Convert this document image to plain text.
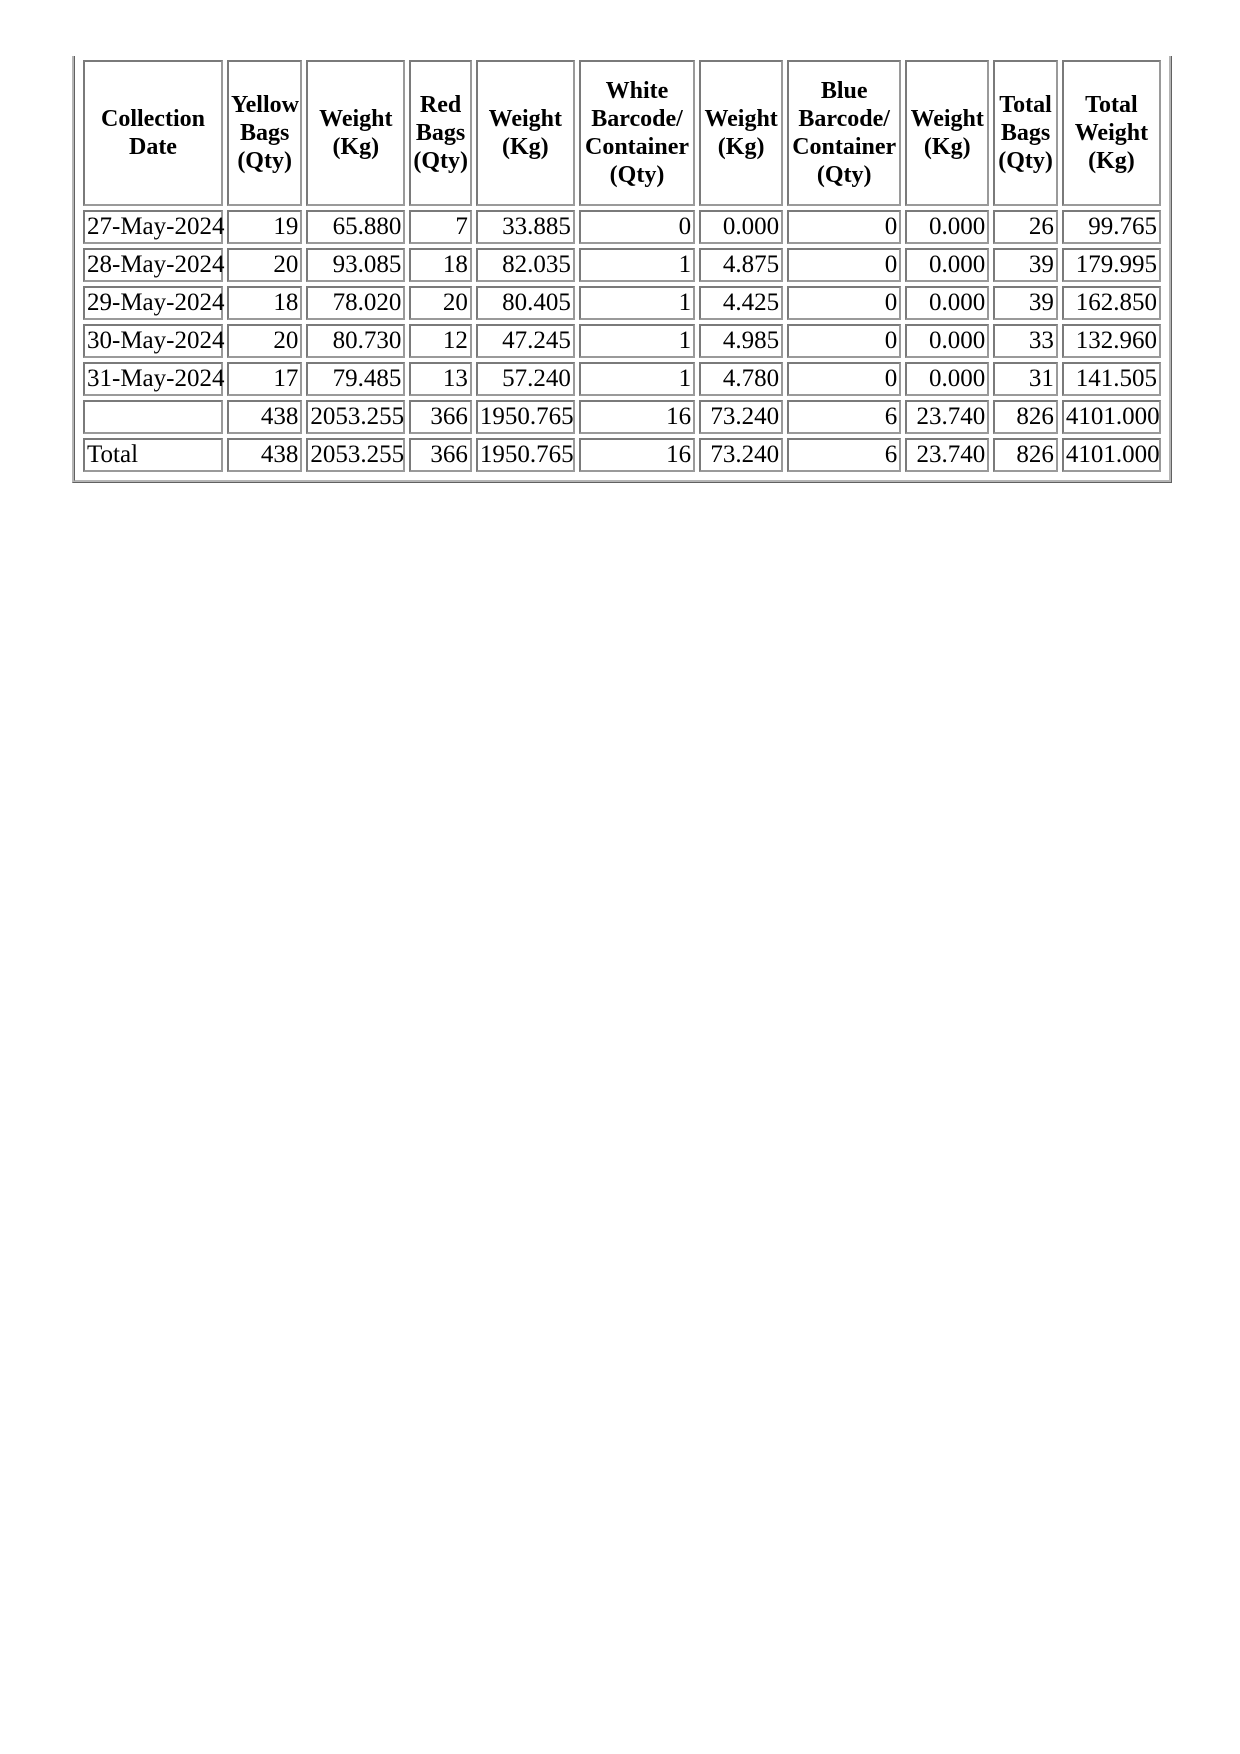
Collection
Date	Yellow
Bags
(Qty)	Weight
(Kg)	Red
Bags
(Qty)	Weight
(Kg)	White
Barcode/
Container
(Qty)	Weight
(Kg)	Blue
Barcode/
Container
(Qty)	Weight
(Kg)	Total
Bags
(Qty)	Total
Weight
(Kg)

27-May-2024	19	65.880	7	33.885	0	0.000	0	0.000	26	99.765
28-May-2024	20	93.085	18	82.035	1	4.875	0	0.000	39	179.995
29-May-2024	18	78.020	20	80.405	1	4.425	0	0.000	39	162.850
30-May-2024	20	80.730	12	47.245	1	4.985	0	0.000	33	132.960
31-May-2024	17	79.485	13	57.240	1	4.780	0	0.000	31	141.505
	438	2053.255	366	1950.765	16	73.240	6	23.740	826	4101.000
Total	438	2053.255	366	1950.765	16	73.240	6	23.740	826	4101.000
